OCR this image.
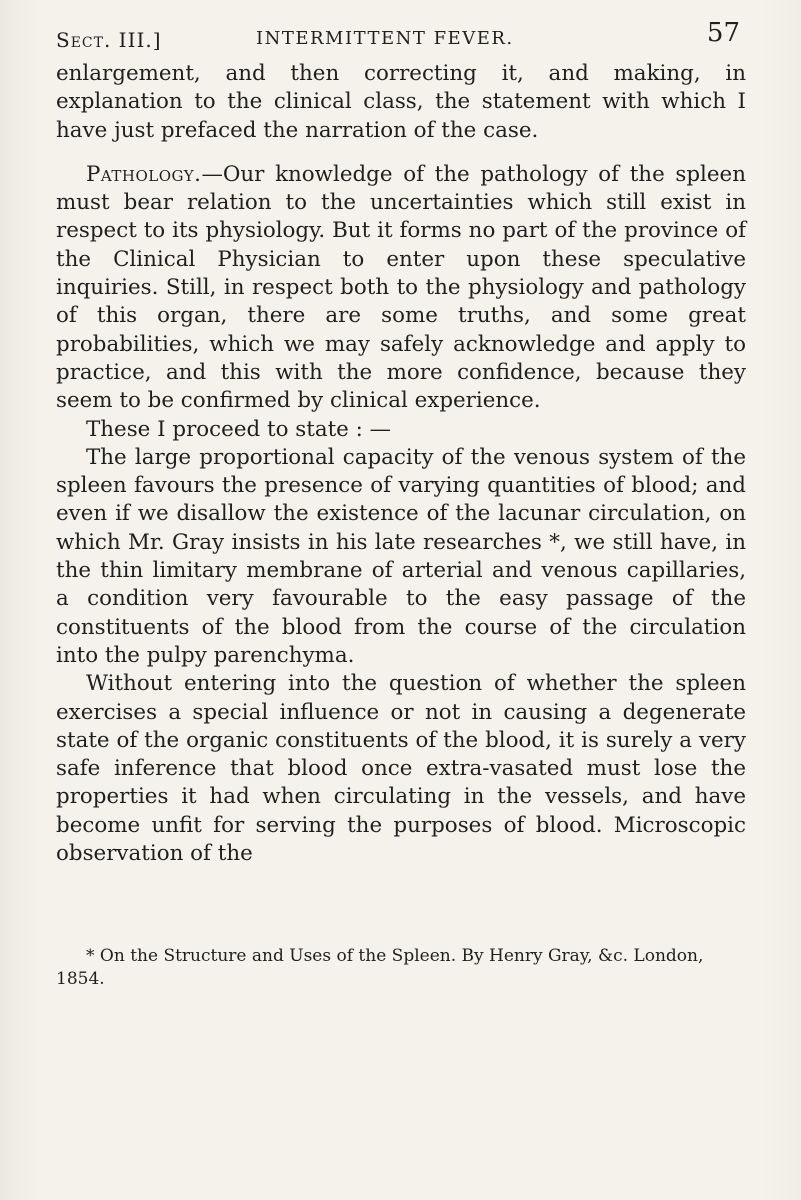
Sect. III.]	INTERMITTENT FEVER.	57

enlargement, and then correcting it, and making, in explanation to the clinical class, the statement with which I have just prefaced the narration of the case.

Pathology.—Our knowledge of the pathology of the spleen must bear relation to the uncertainties which still exist in respect to its physiology. But it forms no part of the province of the Clinical Physician to enter upon these speculative inquiries. Still, in respect both to the physiology and pathology of this organ, there are some truths, and some great probabilities, which we may safely acknowledge and apply to practice, and this with the more confidence, because they seem to be confirmed by clinical experience.

These I proceed to state : —

The large proportional capacity of the venous system of the spleen favours the presence of varying quantities of blood; and even if we disallow the existence of the lacunar circulation, on which Mr. Gray insists in his late researches *, we still have, in the thin limitary membrane of arterial and venous capillaries, a condition very favourable to the easy passage of the constituents of the blood from the course of the circulation into the pulpy parenchyma.

Without entering into the question of whether the spleen exercises a special influence or not in causing a degenerate state of the organic constituents of the blood, it is surely a very safe inference that blood once extra-vasated must lose the properties it had when circulating in the vessels, and have become unfit for serving the purposes of blood. Microscopic observation of the

* On the Structure and Uses of the Spleen. By Henry Gray, &c. London, 1854.
